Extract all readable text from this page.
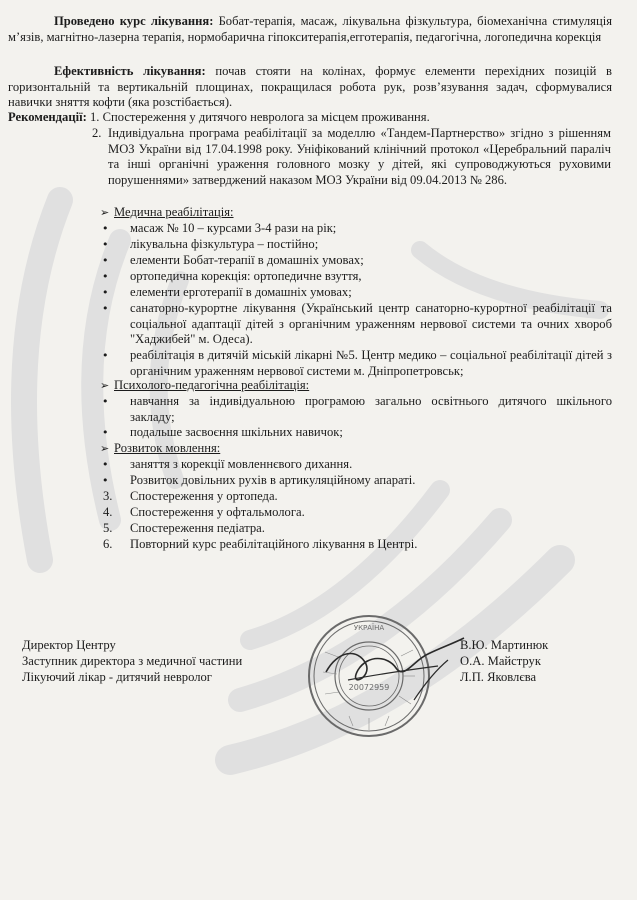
Проведено курс лікування: Бобат-терапія, масаж, лікувальна фізкультура, біомеханічна стимуляція м’язів, магнітно-лазерна терапія, нормобарична гіпокситерапія,erготерапія, педагогічна, логопедична корекція
Ефективність лікування: почав стояти на колінах, формує елементи перехідних позицій в горизонтальній та вертикальній площинах, покращилася робота рук, розв’язування задач, сформувалися навички зняття кофти (яка розстібається).
Рекомендації: 1. Спостереження у дитячого невролога за місцем проживання.
2. Індивідуальна програма реабілітації за моделлю «Тандем-Партнерство» згідно з рішенням МОЗ України від 17.04.1998 року. Уніфікований клінічний протокол «Церебральний параліч та інші органічні ураження головного мозку у дітей, які супроводжуються руховими порушеннями» затверджений наказом МОЗ України від 09.04.2013 № 286.
➢ Медична реабілітація:
• масаж № 10 – курсами 3-4 рази на рік;
• лікувальна фізкультура – постійно;
• елементи Бобат-терапії в домашніх умовах;
• ортопедична корекція: ортопедичне взуття,
• елементи ерготерапії в домашніх умовах;
• санаторно-курортне лікування (Український центр санаторно-курортної реабілітації та соціальної адаптації дітей з органічним ураженням нервової системи та очних хвороб "Хаджибей" м. Одеса).
• реабілітація в дитячій міській лікарні №5. Центр медико – соціальної реабілітації дітей з органічним ураженням нервової системи м. Дніпропетровськ;
➢ Психолого-педагогічна реабілітація:
• навчання за індивідуальною програмою загально освітнього дитячого шкільного закладу;
• подальше засвоєння шкільних навичок;
➢ Розвиток мовлення:
• заняття з корекції мовленнєвого дихання.
• Розвиток довільних рухів в артикуляційному апараті.
3. Спостереження у ортопеда.
4. Спостереження у офтальмолога.
5. Спостереження педіатра.
6. Повторний курс реабілітаційного лікування в Центрі.
Директор Центру
Заступник директора з медичної частини
Лікуючий лікар - дитячий невролог
В.Ю. Мартинюк
О.А. Майструк
Л.П. Яковлєва
УКРАЇНА
20072959
